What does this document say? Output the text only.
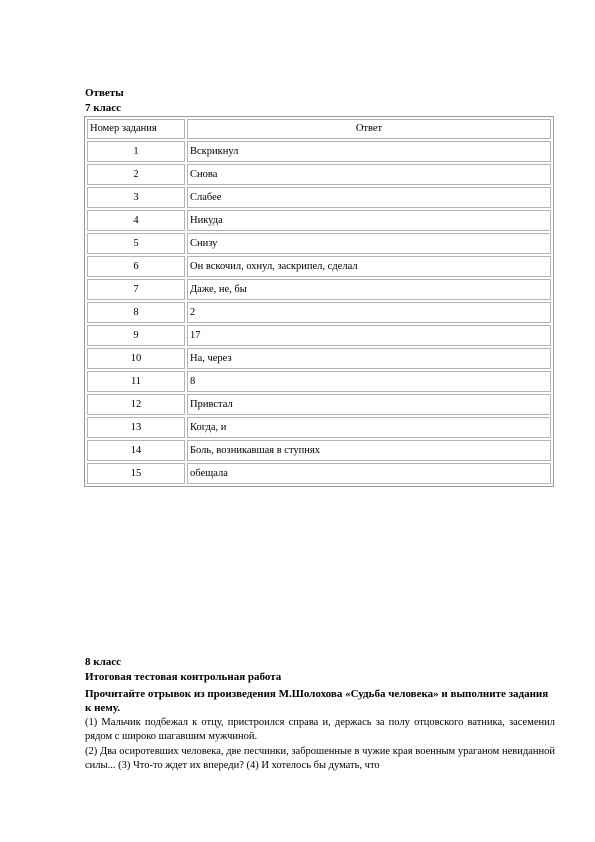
Ответы
7 класс
Номер задания	Ответ
1	Вскрикнул
2	Снова
3	Слабее
4	Никуда
5	Снизу
6	Он вскочил, охнул, заскрипел, сделал
7	Даже, не, бы
8	2
9	17
10	На, через
11	8
12	Привстал
13	Когда, и
14	Боль, возникавшая в ступнях
15	обещала
8 класс
Итоговая тестовая контрольная работа
Прочитайте отрывок из произведения М.Шолохова «Судьба человека» и выполните задания к нему.
(1) Мальчик подбежал к отцу, пристроился справа и, держась за полу отцовского ватника, засеменил рядом с широко шагавшим мужчиной.
(2) Два осиротевших человека, две песчинки, заброшенные в чужие края военным ураганом невиданной силы... (3) Что-то ждет их впереди? (4) И хотелось бы думать, что
